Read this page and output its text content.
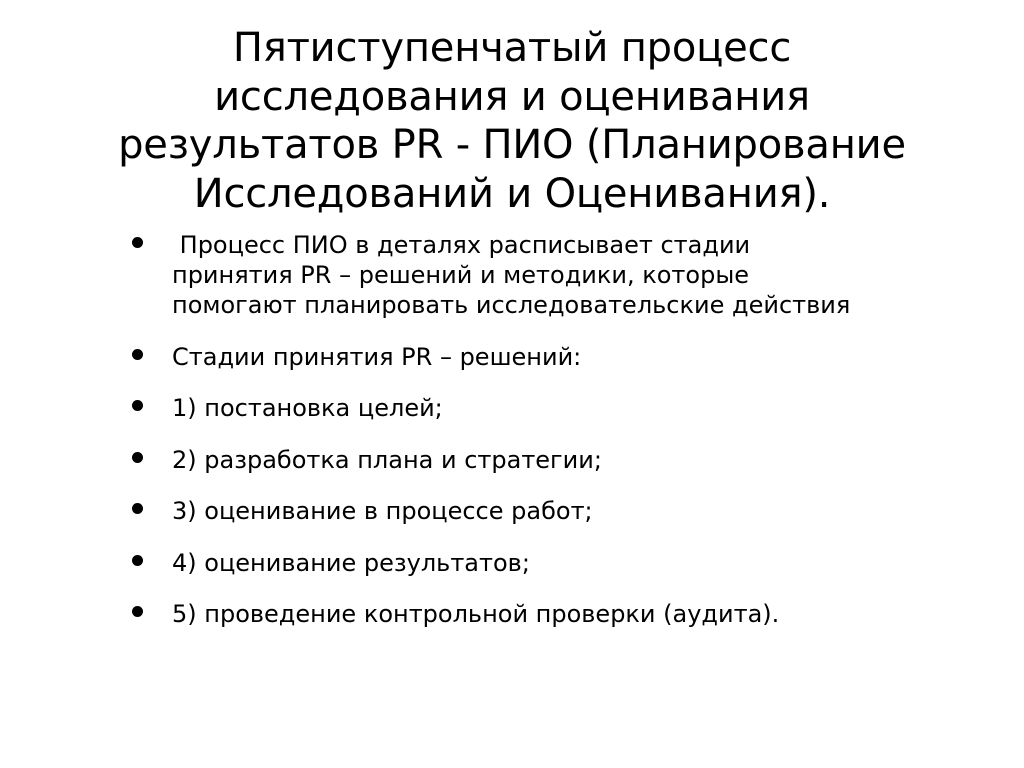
Пятиступенчатый процесс
исследования и оценивания
результатов PR - ПИО (Планирование
Исследований и Оценивания).
Процесс ПИО в деталях расписывает стадии принятия PR – решений и методики, которые помогают планировать исследовательские действия
Стадии принятия PR – решений:
1) постановка целей;
2) разработка плана и стратегии;
3) оценивание в процессе работ;
4) оценивание результатов;
5) проведение контрольной проверки (аудита).
